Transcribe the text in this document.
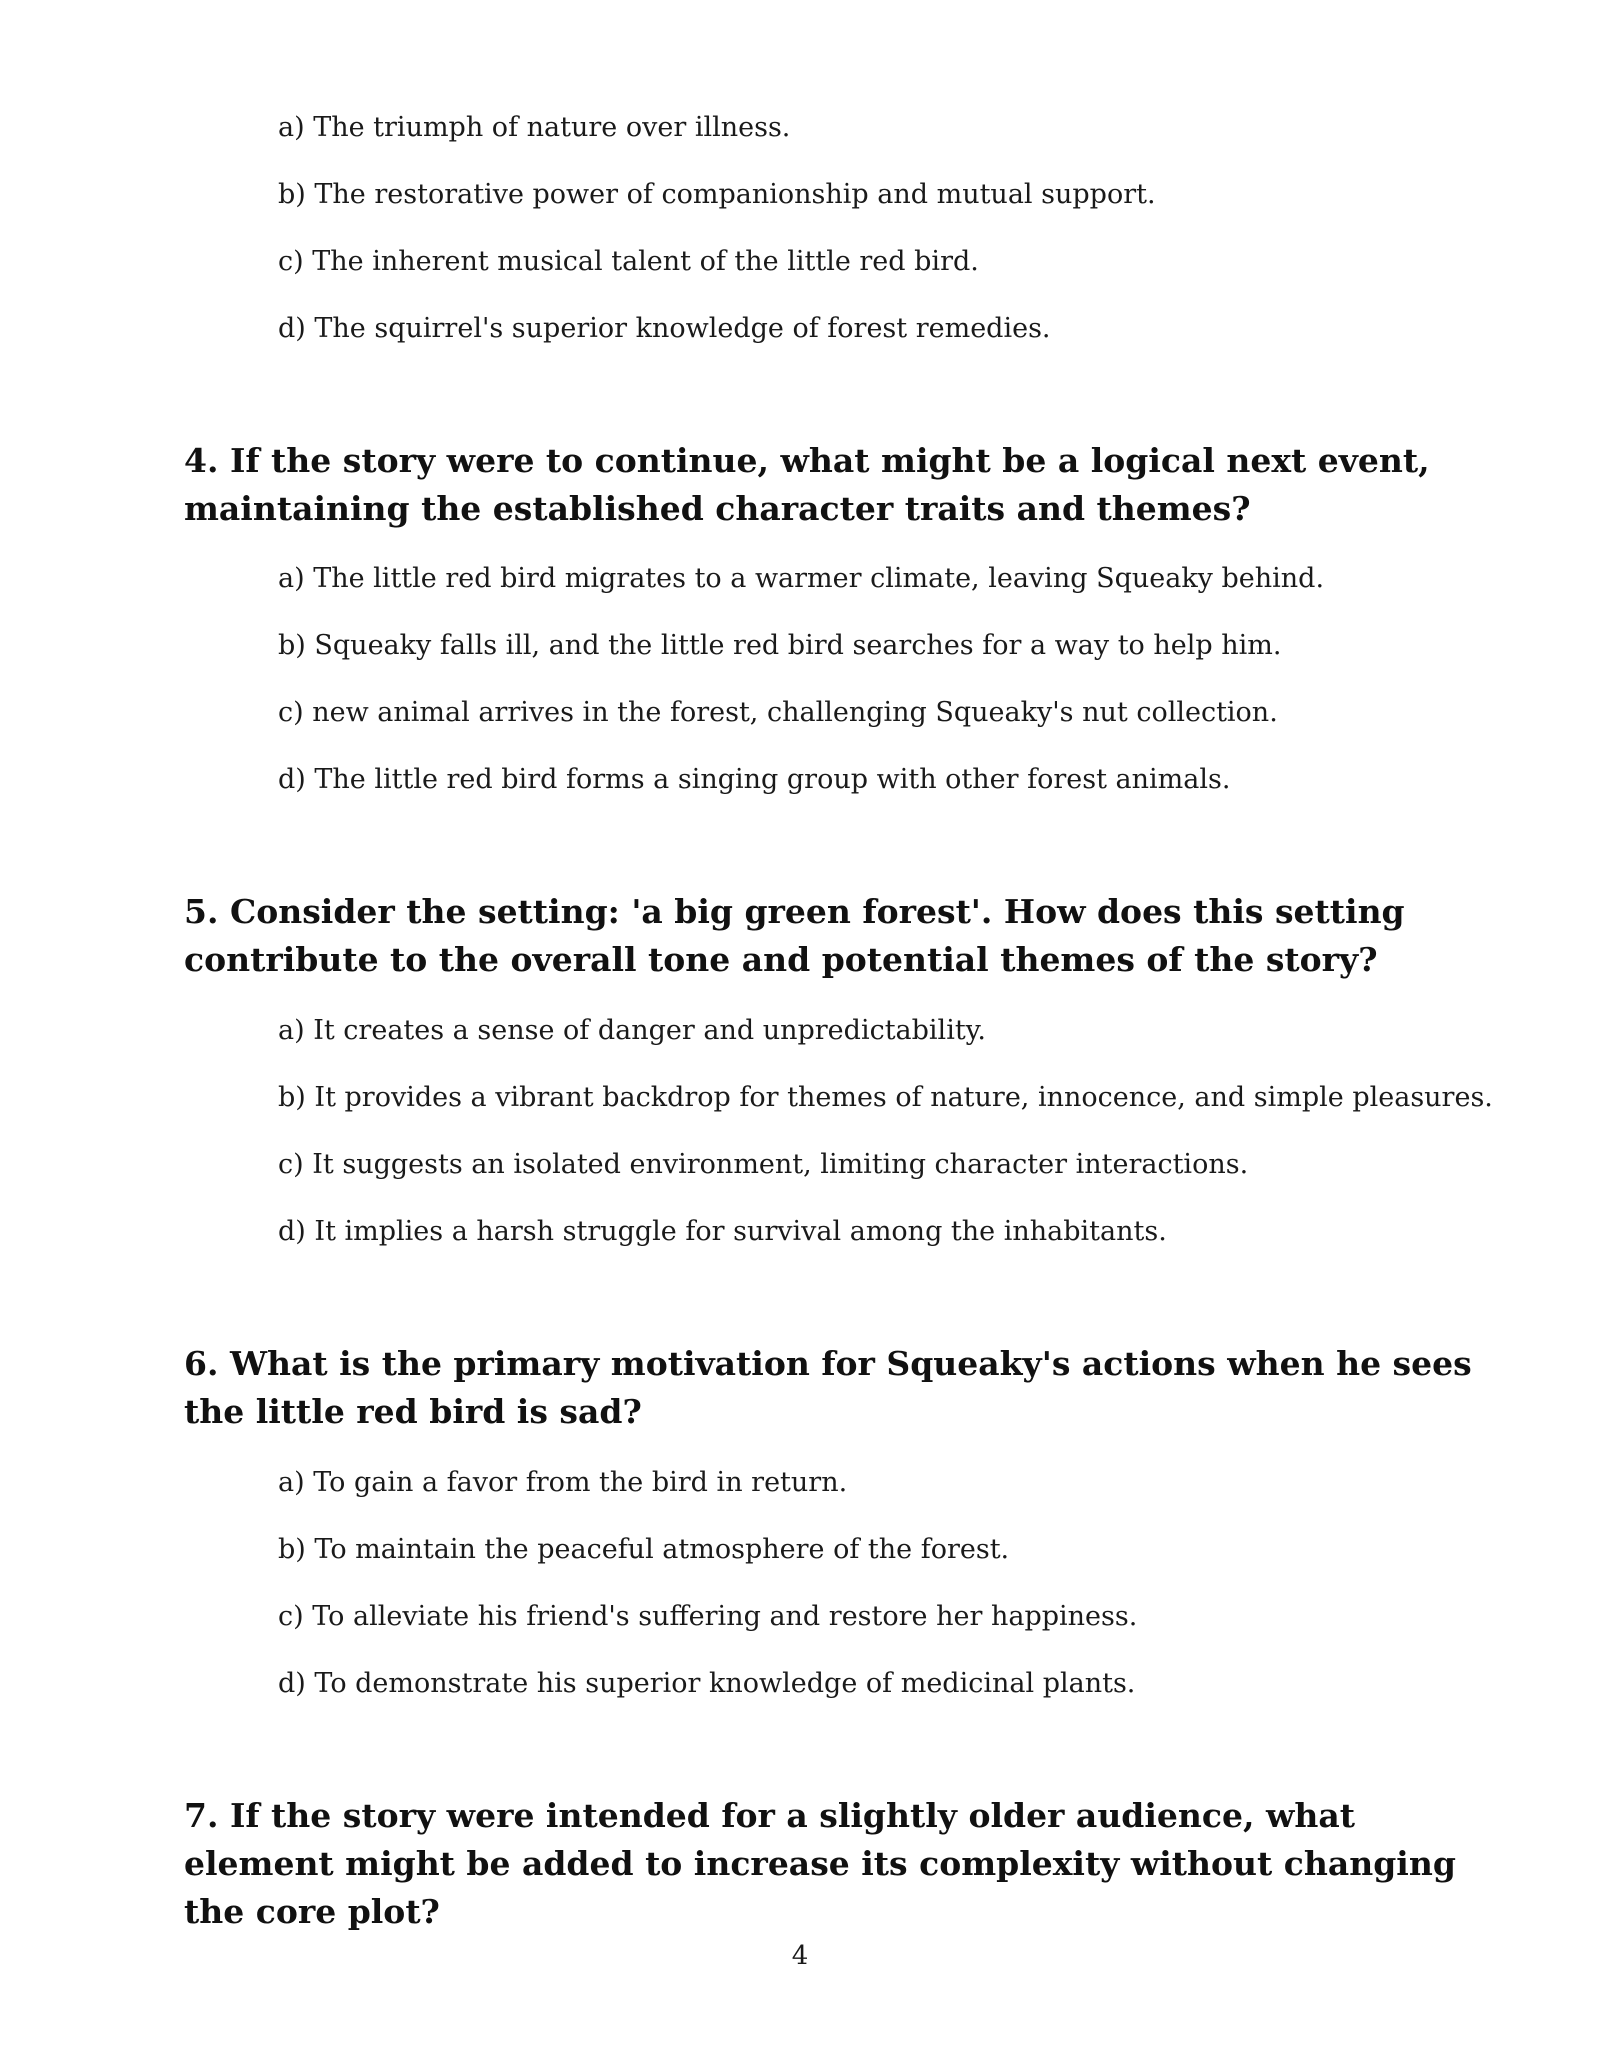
a) The triumph of nature over illness.
b) The restorative power of companionship and mutual support.
c) The inherent musical talent of the little red bird.
d) The squirrel's superior knowledge of forest remedies.
4. If the story were to continue, what might be a logical next event, maintaining the established character traits and themes?
a) The little red bird migrates to a warmer climate, leaving Squeaky behind.
b) Squeaky falls ill, and the little red bird searches for a way to help him.
c) new animal arrives in the forest, challenging Squeaky's nut collection.
d) The little red bird forms a singing group with other forest animals.
5. Consider the setting: 'a big green forest'. How does this setting contribute to the overall tone and potential themes of the story?
a) It creates a sense of danger and unpredictability.
b) It provides a vibrant backdrop for themes of nature, innocence, and simple pleasures.
c) It suggests an isolated environment, limiting character interactions.
d) It implies a harsh struggle for survival among the inhabitants.
6. What is the primary motivation for Squeaky's actions when he sees the little red bird is sad?
a) To gain a favor from the bird in return.
b) To maintain the peaceful atmosphere of the forest.
c) To alleviate his friend's suffering and restore her happiness.
d) To demonstrate his superior knowledge of medicinal plants.
7. If the story were intended for a slightly older audience, what element might be added to increase its complexity without changing the core plot?
4
